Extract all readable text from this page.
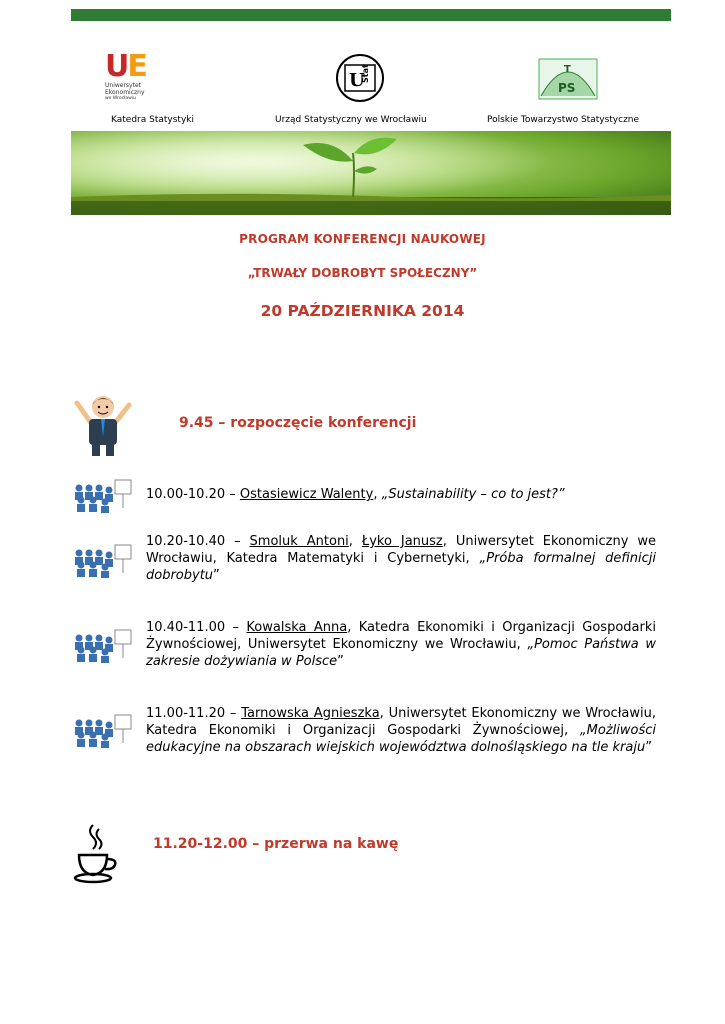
UE
Uniwersytet
Ekonomiczny
we Wrocławiu
U
Stat	T
PS
Katedra Statystyki	Urząd Statystyczny we Wrocławiu	Polskie Towarzystwo Statystyczne
PROGRAM KONFERENCJI NAUKOWEJ
„TRWAŁY DOBROBYT SPOŁECZNY”
20 PAŹDZIERNIKA 2014
9.45 – rozpoczęcie konferencji
10.00-10.20 – Ostasiewicz Walenty, „Sustainability – co to jest?”
10.20-10.40 – Smoluk Antoni, Łyko Janusz, Uniwersytet Ekonomiczny we Wrocławiu, Katedra Matematyki i Cybernetyki, „Próba formalnej definicji dobrobytu”
10.40-11.00 – Kowalska Anna, Katedra Ekonomiki i Organizacji Gospodarki Żywnościowej, Uniwersytet Ekonomiczny we Wrocławiu, „Pomoc Państwa w zakresie dożywiania w Polsce”
11.00-11.20 – Tarnowska Agnieszka, Uniwersytet Ekonomiczny we Wrocławiu, Katedra Ekonomiki i Organizacji Gospodarki Żywnościowej, „Możliwości edukacyjne na obszarach wiejskich województwa dolnośląskiego na tle kraju”
11.20-12.00 – przerwa na kawę
